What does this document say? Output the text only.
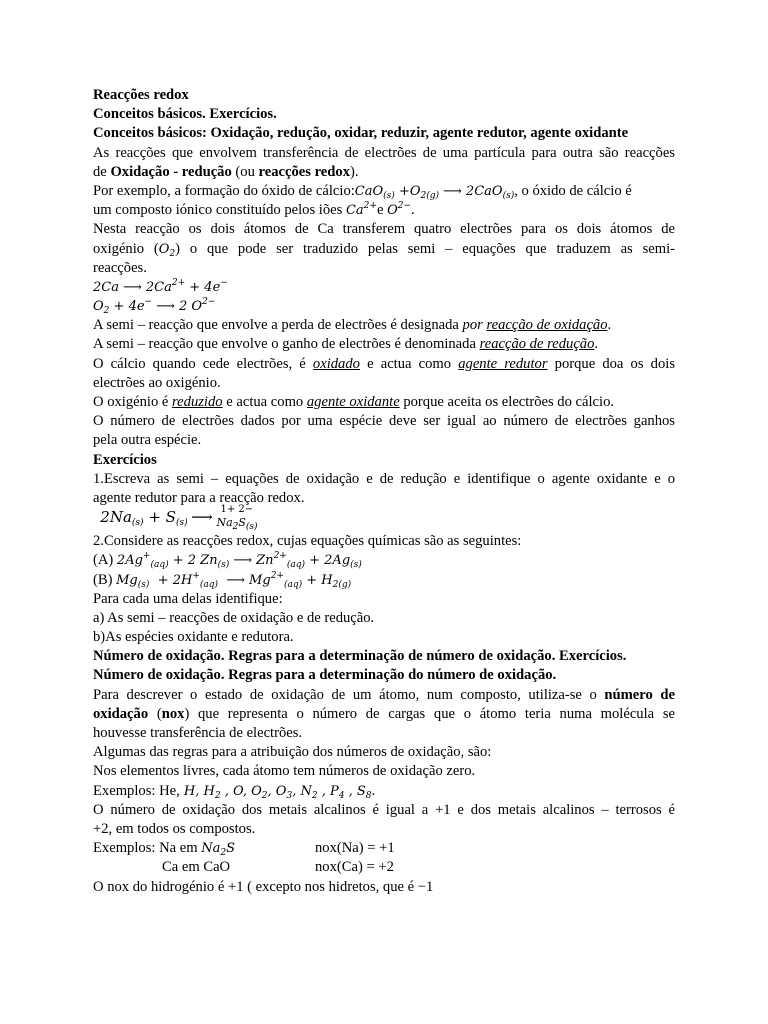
Reacções redox
Conceitos básicos. Exercícios.
Conceitos básicos: Oxidação, redução, oxidar, reduzir, agente redutor, agente oxidante
As reacções que envolvem transferência de electrões de uma partícula para outra são reacções
de Oxidação - redução (ou reacções redox).
Por exemplo, a formação do óxido de cálcio:CaO$_{(s)}$ $+O_{2(g)}$ ⟶ 2CaO$_{(s)}$, o óxido de cálcio é
um composto iónico constituído pelos iões $Ca^{2+}e$ $O^{2-}$.
Nesta reacção os dois átomos de Ca transferem quatro electrões para os dois átomos de
oxigénio $(O_2)$ o que pode ser traduzido pelas semi – equações que traduzem as semi-
reacções.
2Ca ⟶ $2Ca^{2+} + 4e^-$
$O_2 + 4e^-$ ⟶ 2 $O^{2-}$
A semi – reacção que envolve a perda de electrões é designada por reacção de oxidação.
A semi – reacção que envolve o ganho de electrões é denominada reacção de redução.
O cálcio quando cede electrões, é oxidado e actua como agente redutor porque doa os dois
electrões ao oxigénio.
O oxigénio é reduzido e actua como agente oxidante porque aceita os electrões do cálcio.
O número de electrões dados por uma espécie deve ser igual ao número de electrões ganhos
pela outra espécie.
Exercícios
1.Escreva as semi – equações de oxidação e de redução e identifique o agente oxidante e o
agente redutor para a reacção redox.
$2Na_{(s)} + S_{(s)}$ ⟶ 1+ 2−
$Na_2S_{(s)}$
2.Considere as reacções redox, cujas equações químicas são as seguintes:
(A) $2Ag^+_{(aq)} + 2$ $Zn_{(s)}$ ⟶ $Zn^{2+}_{(aq)} + 2Ag_{(s)}$
(B) $Mg_{(s)} + 2H^+_{(aq)}$ ⟶ $Mg^{2+}_{(aq)} + H_{2(g)}$
Para cada uma delas identifique:
a) As semi – reacções de oxidação e de redução.
b)As espécies oxidante e redutora.
Número de oxidação. Regras para a determinação de número de oxidação. Exercícios.
Número de oxidação. Regras para a determinação do número de oxidação.
Para descrever o estado de oxidação de um átomo, num composto, utiliza-se o número de
oxidação (nox) que representa o número de cargas que o átomo teria numa molécula se
houvesse transferência de electrões.
Algumas das regras para a atribuição dos números de oxidação, são:
Nos elementos livres, cada átomo tem números de oxidação zero.
Exemplos: He, H, $H_2$ , O, $O_2$, $O_3$, $N_2$ , $P_4$ , $S_8$.
O número de oxidação dos metais alcalinos é igual a +1 e dos metais alcalinos – terrosos é
+2, em todos os compostos.
Exemplos: Na em $Na_2S$	nox(Na) = +1
Ca em CaO	nox(Ca) = +2
O nox do hidrogénio é +1 ( excepto nos hidretos, que é −1
